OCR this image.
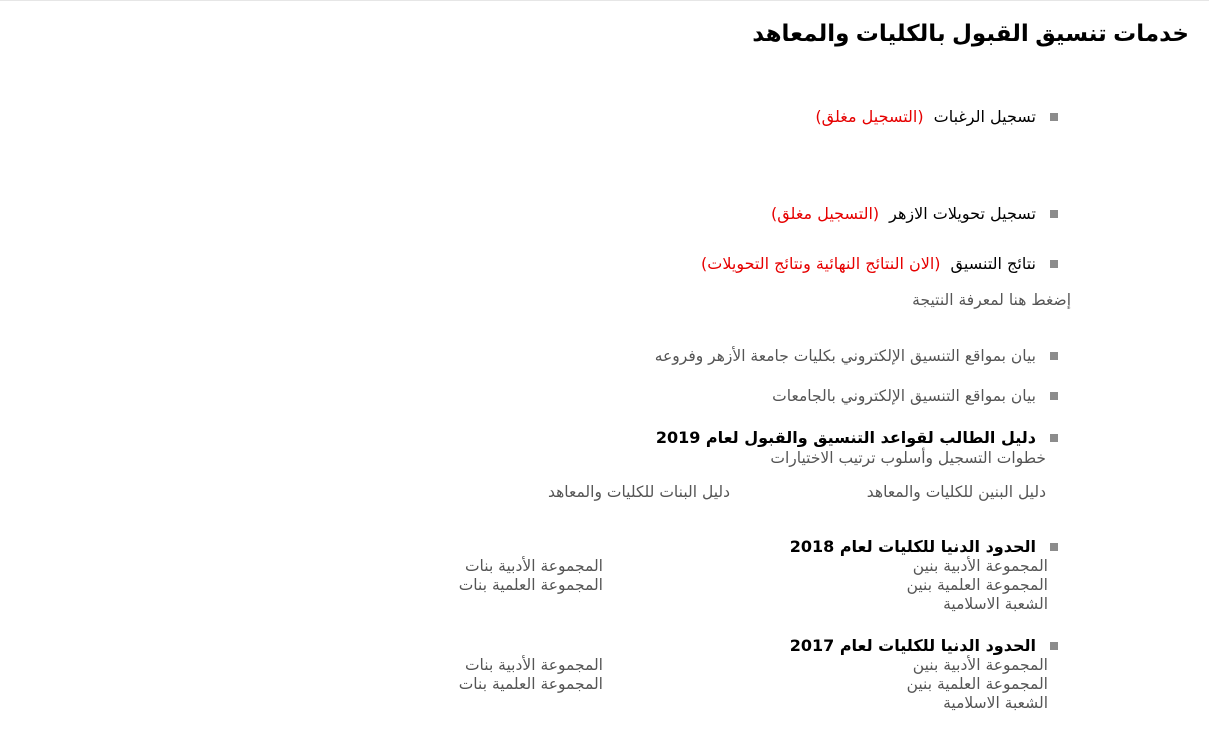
خدمات تنسيق القبول بالكليات والمعاهد
تسجيل الرغبات
(التسجيل مغلق)
تسجيل تحويلات الازهر
(التسجيل مغلق)
نتائج التنسيق
(الان النتائج النهائية ونتائج التحويلات)
إضغط هنا لمعرفة النتيجة
بيان بمواقع التنسيق الإلكتروني بكليات جامعة الأزهر وفروعه
بيان بمواقع التنسيق الإلكتروني بالجامعات
دليل الطالب لقواعد التنسيق والقبول لعام 2019
خطوات التسجيل وأسلوب ترتيب الاختيارات
دليل البنين للكليات والمعاهد
دليل البنات للكليات والمعاهد
الحدود الدنيا للكليات لعام 2018
المجموعة الأدبية بنين
المجموعة العلمية بنين
الشعبة الاسلامية
المجموعة الأدبية بنات
المجموعة العلمية بنات
الحدود الدنيا للكليات لعام 2017
المجموعة الأدبية بنين
المجموعة العلمية بنين
الشعبة الاسلامية
المجموعة الأدبية بنات
المجموعة العلمية بنات
